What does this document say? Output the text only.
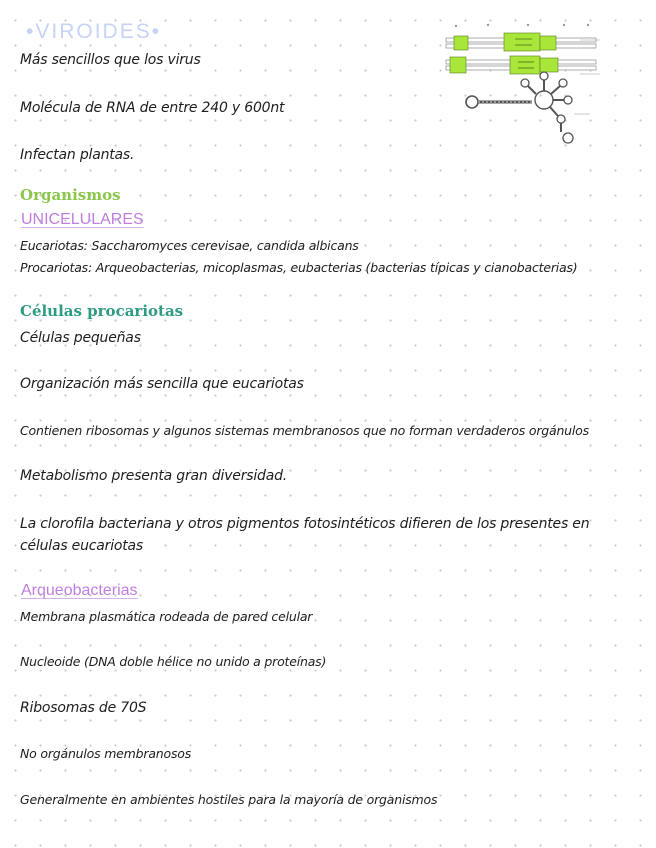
•VIROIDES•
Más sencillos que los virus
Molécula de RNA de entre 240 y 600nt
Infectan plantas.
Organismos
UNICELULARES
Eucariotas: Saccharomyces cerevisae, candida albicans
Procariotas: Arqueobacterias, micoplasmas, eubacterias (bacterias típicas y cianobacterias)
Células procariotas
Células pequeñas
Organización más sencilla que eucariotas
Contienen ribosomas y algunos sistemas membranosos que no forman verdaderos orgánulos
Metabolismo presenta gran diversidad.
La clorofila bacteriana y otros pigmentos fotosintéticos difieren de los presentes en células eucariotas
Arqueobacterias
Membrana plasmática rodeada de pared celular
Nucleoide (DNA doble hélice no unido a proteínas)
Ribosomas de 70S
No orgánulos membranosos
Generalmente en ambientes hostiles para la mayoría de organismos
